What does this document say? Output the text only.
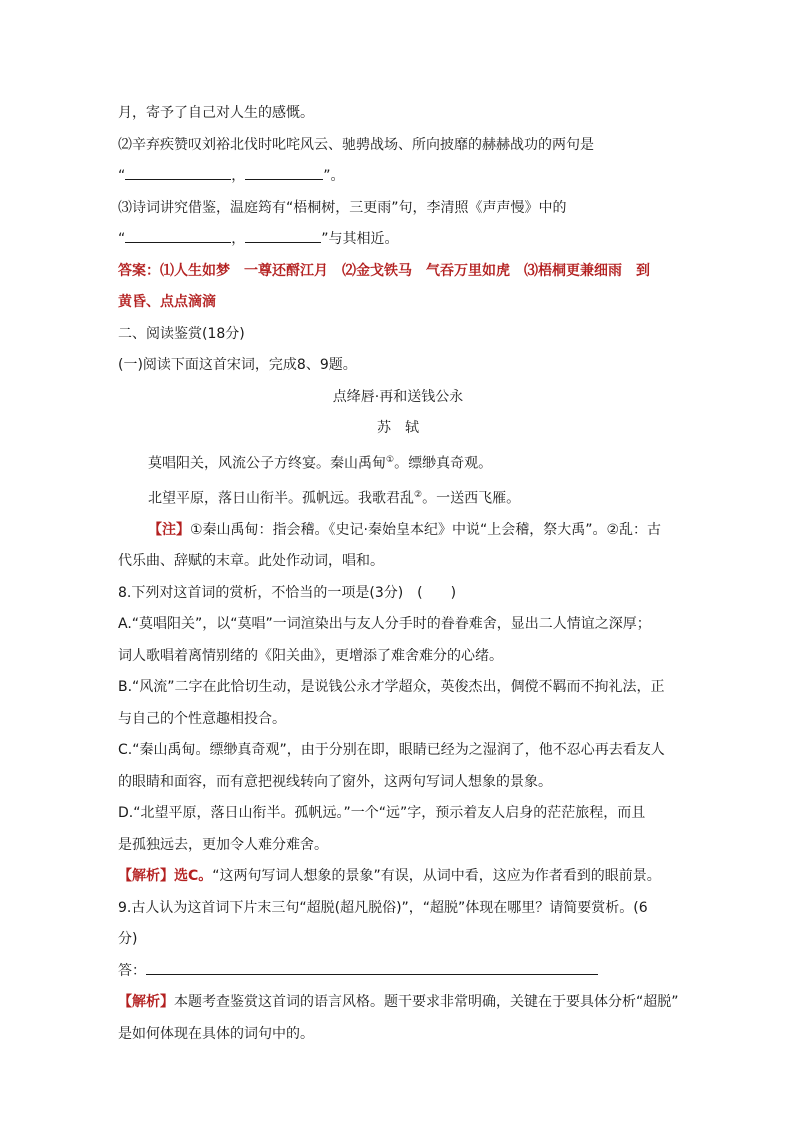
月，寄予了自己对人生的感慨。
⑵辛弃疾赞叹刘裕北伐时叱咤风云、驰骋战场、所向披靡的赫赫战功的两句是
“	，	”。
⑶诗词讲究借鉴，温庭筠有“梧桐树，三更雨”句，李清照《声声慢》中的
“	，	”与其相近。
答案：⑴人生如梦　一尊还酹江月　⑵金戈铁马　气吞万里如虎　⑶梧桐更兼细雨　到
黄昏、点点滴滴
二、阅读鉴赏(18分)
(一)阅读下面这首宋词，完成8、9题。
点绛唇·再和送钱公永
苏　轼
莫唱阳关，风流公子方终宴。秦山禹甸①。缥缈真奇观。
北望平原，落日山衔半。孤帆远。我歌君乱②。一送西飞雁。
【注】①秦山禹甸：指会稽。《史记·秦始皇本纪》中说“上会稽，祭大禹”。②乱：古
代乐曲、辞赋的末章。此处作动词，唱和。
8.下列对这首词的赏析，不恰当的一项是(3分)　(　　)
A.“莫唱阳关”，以“莫唱”一词渲染出与友人分手时的眷眷难舍，显出二人情谊之深厚；
词人歌唱着离情别绪的《阳关曲》，更增添了难舍难分的心绪。
B.“风流”二字在此恰切生动，是说钱公永才学超众，英俊杰出，倜傥不羁而不拘礼法，正
与自己的个性意趣相投合。
C.“秦山禹甸。缥缈真奇观”，由于分别在即，眼睛已经为之湿润了，他不忍心再去看友人
的眼睛和面容，而有意把视线转向了窗外，这两句写词人想象的景象。
D.“北望平原，落日山衔半。孤帆远。”一个“远”字，预示着友人启身的茫茫旅程，而且
是孤独远去，更加令人难分难舍。
【解析】选C。“这两句写词人想象的景象”有误，从词中看，这应为作者看到的眼前景。
9.古人认为这首词下片末三句“超脱(超凡脱俗)”，“超脱”体现在哪里？请简要赏析。(6
分)
答：
【解析】本题考查鉴赏这首词的语言风格。题干要求非常明确，关键在于要具体分析“超脱”
是如何体现在具体的词句中的。
